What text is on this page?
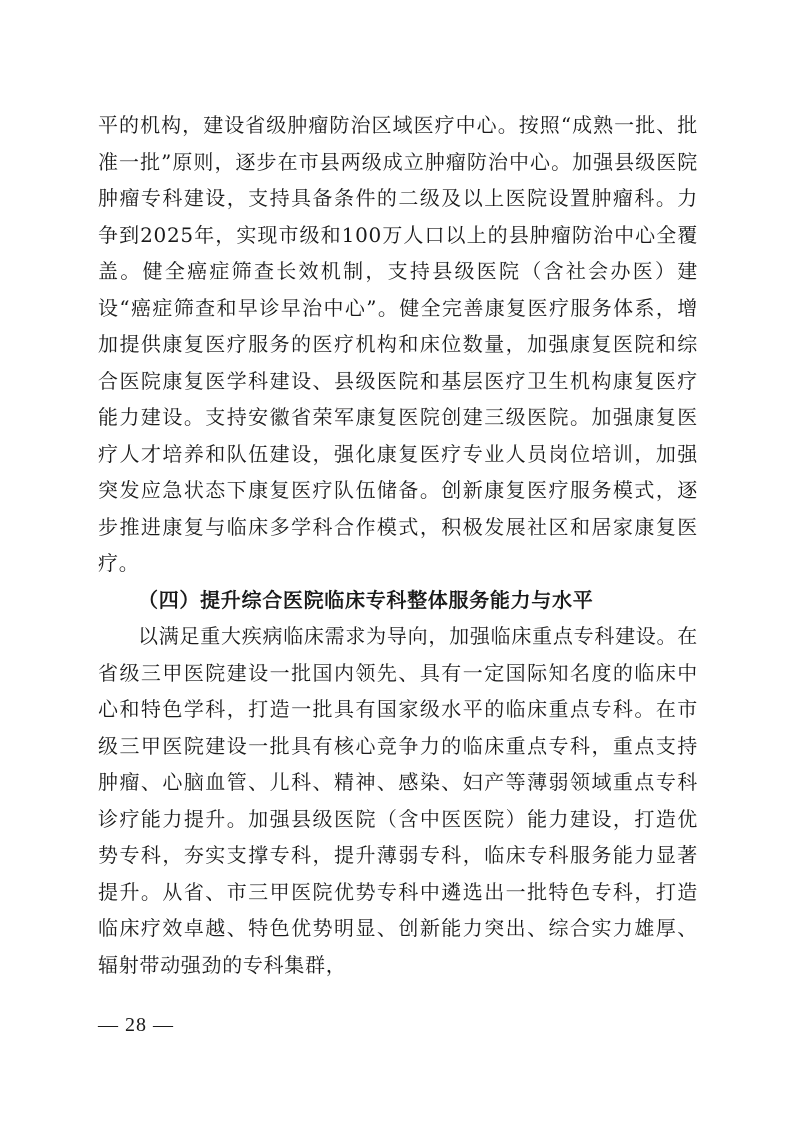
平的机构，建设省级肿瘤防治区域医疗中心。按照“成熟一批、批准一批”原则，逐步在市县两级成立肿瘤防治中心。加强县级医院肿瘤专科建设，支持具备条件的二级及以上医院设置肿瘤科。力争到2025年，实现市级和100万人口以上的县肿瘤防治中心全覆盖。健全癌症筛查长效机制，支持县级医院（含社会办医）建设“癌症筛查和早诊早治中心”。健全完善康复医疗服务体系，增加提供康复医疗服务的医疗机构和床位数量，加强康复医院和综合医院康复医学科建设、县级医院和基层医疗卫生机构康复医疗能力建设。支持安徽省荣军康复医院创建三级医院。加强康复医疗人才培养和队伍建设，强化康复医疗专业人员岗位培训，加强突发应急状态下康复医疗队伍储备。创新康复医疗服务模式，逐步推进康复与临床多学科合作模式，积极发展社区和居家康复医疗。

（四）提升综合医院临床专科整体服务能力与水平

以满足重大疾病临床需求为导向，加强临床重点专科建设。在省级三甲医院建设一批国内领先、具有一定国际知名度的临床中心和特色学科，打造一批具有国家级水平的临床重点专科。在市级三甲医院建设一批具有核心竞争力的临床重点专科，重点支持肿瘤、心脑血管、儿科、精神、感染、妇产等薄弱领域重点专科诊疗能力提升。加强县级医院（含中医医院）能力建设，打造优势专科，夯实支撑专科，提升薄弱专科，临床专科服务能力显著提升。从省、市三甲医院优势专科中遴选出一批特色专科，打造临床疗效卓越、特色优势明显、创新能力突出、综合实力雄厚、辐射带动强劲的专科集群，

— 28 —
